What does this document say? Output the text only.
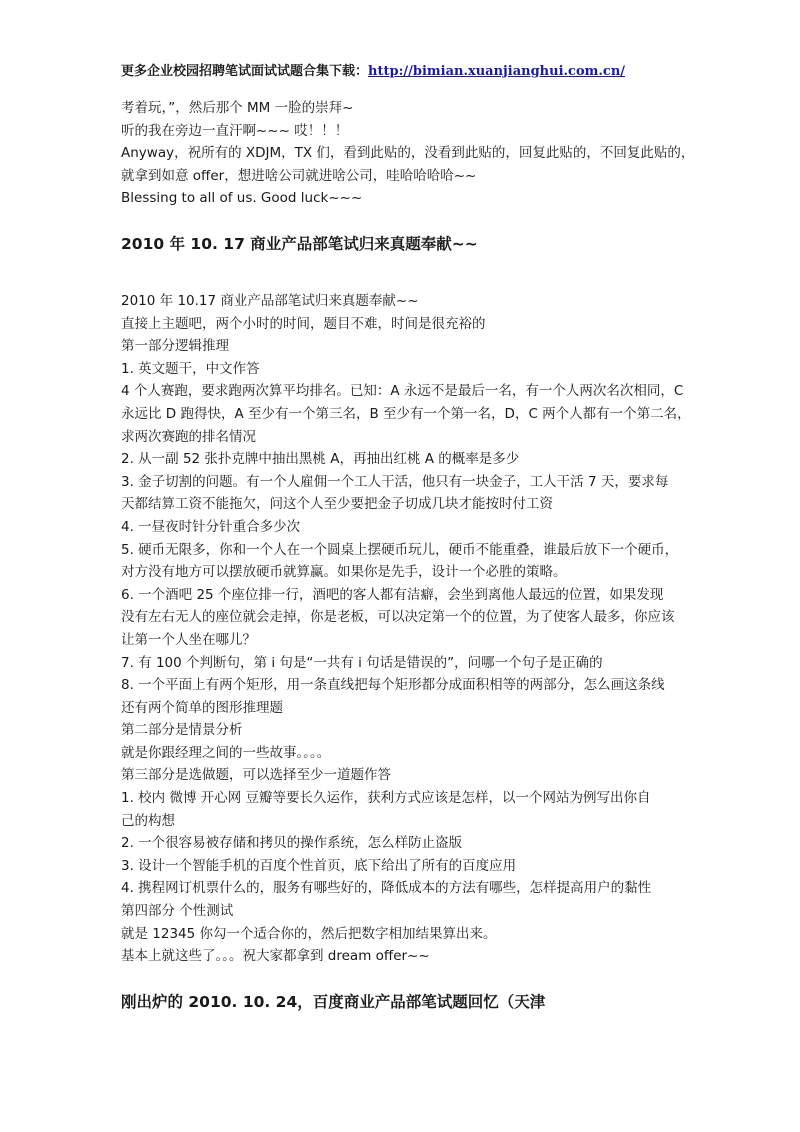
更多企业校园招聘笔试面试试题合集下载：http://bimian.xuanjianghui.com.cn/

考着玩，”，然后那个 MM 一脸的崇拜~

听的我在旁边一直汗啊~~~ 哎！！！

Anyway，祝所有的 XDJM，TX 们，看到此贴的，没看到此贴的，回复此贴的，不回复此贴的，

就拿到如意 offer，想进啥公司就进啥公司，哇哈哈哈哈~~

Blessing to all of us. Good luck~~~

2010 年 10. 17 商业产品部笔试归来真题奉献~~

2010 年 10.17 商业产品部笔试归来真题奉献~~

直接上主题吧，两个小时的时间，题目不难，时间是很充裕的

第一部分逻辑推理

1. 英文题干，中文作答

4 个人赛跑，要求跑两次算平均排名。已知：A 永远不是最后一名，有一个人两次名次相同，C

永远比 D 跑得快，A 至少有一个第三名，B 至少有一个第一名，D，C 两个人都有一个第二名，

求两次赛跑的排名情况

2. 从一副 52 张扑克牌中抽出黑桃 A，再抽出红桃 A 的概率是多少

3. 金子切割的问题。有一个人雇佣一个工人干活，他只有一块金子，工人干活 7 天，要求每

天都结算工资不能拖欠，问这个人至少要把金子切成几块才能按时付工资

4. 一昼夜时针分针重合多少次

5. 硬币无限多，你和一个人在一个圆桌上摆硬币玩儿，硬币不能重叠，谁最后放下一个硬币，

对方没有地方可以摆放硬币就算赢。如果你是先手，设计一个必胜的策略。

6. 一个酒吧 25 个座位排一行，酒吧的客人都有洁癖，会坐到离他人最远的位置，如果发现

没有左右无人的座位就会走掉，你是老板，可以决定第一个的位置，为了使客人最多，你应该

让第一个人坐在哪儿？

7. 有 100 个判断句，第 i 句是“一共有 i 句话是错误的”，问哪一个句子是正确的

8. 一个平面上有两个矩形，用一条直线把每个矩形都分成面积相等的两部分，怎么画这条线

还有两个简单的图形推理题

第二部分是情景分析

就是你跟经理之间的一些故事。。。。

第三部分是选做题，可以选择至少一道题作答

1. 校内 微博 开心网 豆瓣等要长久运作，获利方式应该是怎样，以一个网站为例写出你自

己的构想

2. 一个很容易被存储和拷贝的操作系统，怎么样防止盗版

3. 设计一个智能手机的百度个性首页，底下给出了所有的百度应用

4. 携程网订机票什么的，服务有哪些好的，降低成本的方法有哪些，怎样提高用户的黏性

第四部分 个性测试

就是 12345 你勾一个适合你的，然后把数字相加结果算出来。

基本上就这些了。。。祝大家都拿到 dream offer~~

刚出炉的 2010. 10. 24，百度商业产品部笔试题回忆（天津
